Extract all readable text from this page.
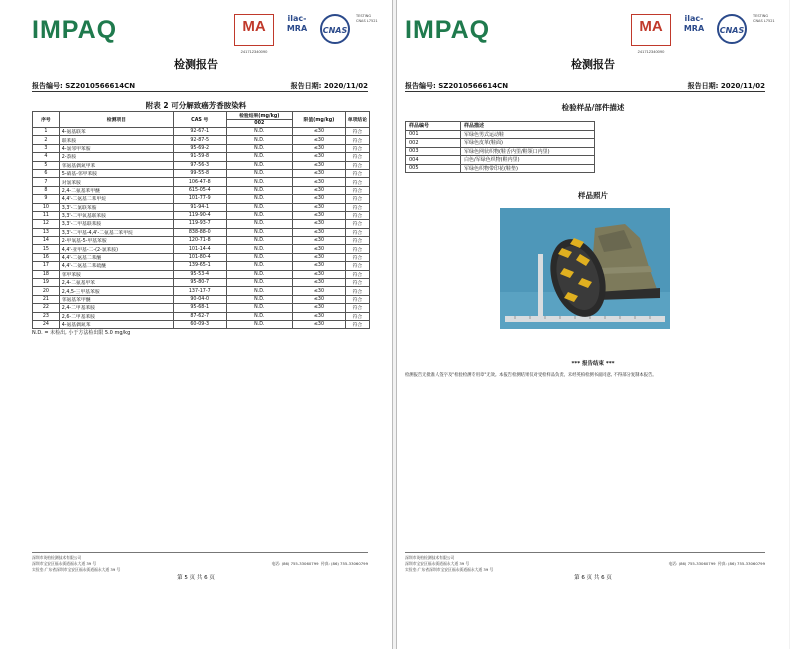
IMPAQ	MA
241712340090
ilac-MRA	CNAS
TESTING CNAS L7521
检测报告
报告编号: SZ2010566614CN	报告日期: 2020/11/02
附表 2 可分解致癌芳香胺染料
序号	检测项目	CAS 号	检验结果(mg/kg)	限值(mg/kg)	单项结论
			002		
1	4-氨基联苯	92-67-1	N.D.	≤30	符合
2	联苯胺	92-87-5	N.D.	≤30	符合
3	4-氯邻甲苯胺	95-69-2	N.D.	≤30	符合
4	2-萘胺	91-59-8	N.D.	≤30	符合
5	邻氨基偶氮甲苯	97-56-3	N.D.	≤30	符合
6	5-硝基-邻甲苯胺	99-55-8	N.D.	≤30	符合
7	对氯苯胺	106-47-8	N.D.	≤30	符合
8	2,4-二氨基苯甲醚	615-05-4	N.D.	≤30	符合
9	4,4'-二氨基二苯甲烷	101-77-9	N.D.	≤30	符合
10	3,3'-二氯联苯胺	91-94-1	N.D.	≤30	符合
11	3,3'-二甲氧基联苯胺	119-90-4	N.D.	≤30	符合
12	3,3'-二甲基联苯胺	119-93-7	N.D.	≤30	符合
13	3,3'-二甲基-4,4'-二氨基二苯甲烷	838-88-0	N.D.	≤30	符合
14	2-甲氧基-5-甲基苯胺	120-71-8	N.D.	≤30	符合
15	4,4'-亚甲基-二-(2-氯苯胺)	101-14-4	N.D.	≤30	符合
16	4,4'-二氨基二苯醚	101-80-4	N.D.	≤30	符合
17	4,4'-二氨基二苯硫醚	139-65-1	N.D.	≤30	符合
18	邻甲苯胺	95-53-4	N.D.	≤30	符合
19	2,4-二氨基甲苯	95-80-7	N.D.	≤30	符合
20	2,4,5-三甲基苯胺	137-17-7	N.D.	≤30	符合
21	邻氨基苯甲醚	90-04-0	N.D.	≤30	符合
22	2,4-二甲基苯胺	95-68-1	N.D.	≤30	符合
23	2,6-二甲基苯胺	87-62-7	N.D.	≤30	符合
24	4-氨基偶氮苯	60-09-3	N.D.	≤30	符合
N.D. = 未检出, 小于方法检出限 5.0 mg/kg
深圳市英柏检测技术有限公司
深圳市宝安区福永街道福永大道 39 号	电话: (86) 755-33060799 传真: (86) 755-33060799
实验室:广东省深圳市宝安区福永街道福永大道 39 号
第 5 页 共 6 页
IMPAQ	MA
241712340090
ilac-MRA	CNAS
TESTING CNAS L7521
检测报告
报告编号: SZ2010566614CN	报告日期: 2020/11/02
检验样品/部件描述
样品编号	样品描述
001	军绿色男式运动鞋
002	军绿色皮革(鞋面)
003	军绿色网状织物(鞋舌内里/鞋领口内里)
004	白色/军绿色织物(鞋内里)
005	军绿色织物带印花(鞋垫)
样品照片
*** 报告结束 ***
检测报告无批准人签字及"检验检测专用章"无效。本报告检测结果仅对受检样品负责。未经英柏检测书面同意, 不得部分复制本报告。
深圳市英柏检测技术有限公司
深圳市宝安区福永街道福永大道 39 号	电话: (86) 755-33060799 传真: (86) 755-33060799
实验室:广东省深圳市宝安区福永街道福永大道 39 号
第 6 页 共 6 页
